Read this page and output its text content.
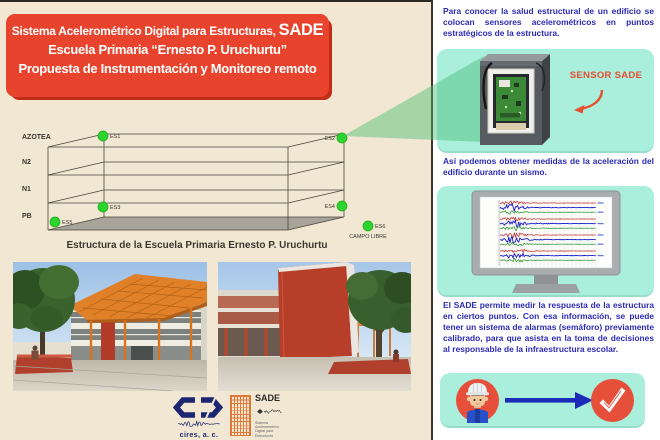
Sistema Acelerométrico Digital para Estructuras, SADE
Escuela Primaria “Ernesto P. Uruchurtu”
Propuesta de Instrumentación y Monitoreo remoto
AZOTEA
N2
N1
PB
ES1	ES2
ES3	ES4
ES5
ES6
CAMPO LIBRE
Estructura de la Escuela Primaria Ernesto P. Uruchurtu
cires, a. c.
SADE
Sistema
Acelerométrico
Digital para
Estructuras
Para conocer la salud estructural de un edificio se colocan sensores acelerométricos en puntos estratégicos de la estructura.
SENSOR SADE
Así podemos obtener medidas de la aceleración del edificio durante un sismo.
El SADE permite medir la respuesta de la estructura en ciertos puntos. Con esa información, se puede tener un sistema de alarmas (semáforo) previamente calibrado, para que asista en la toma de decisiones al responsable de la infraestructura escolar.
